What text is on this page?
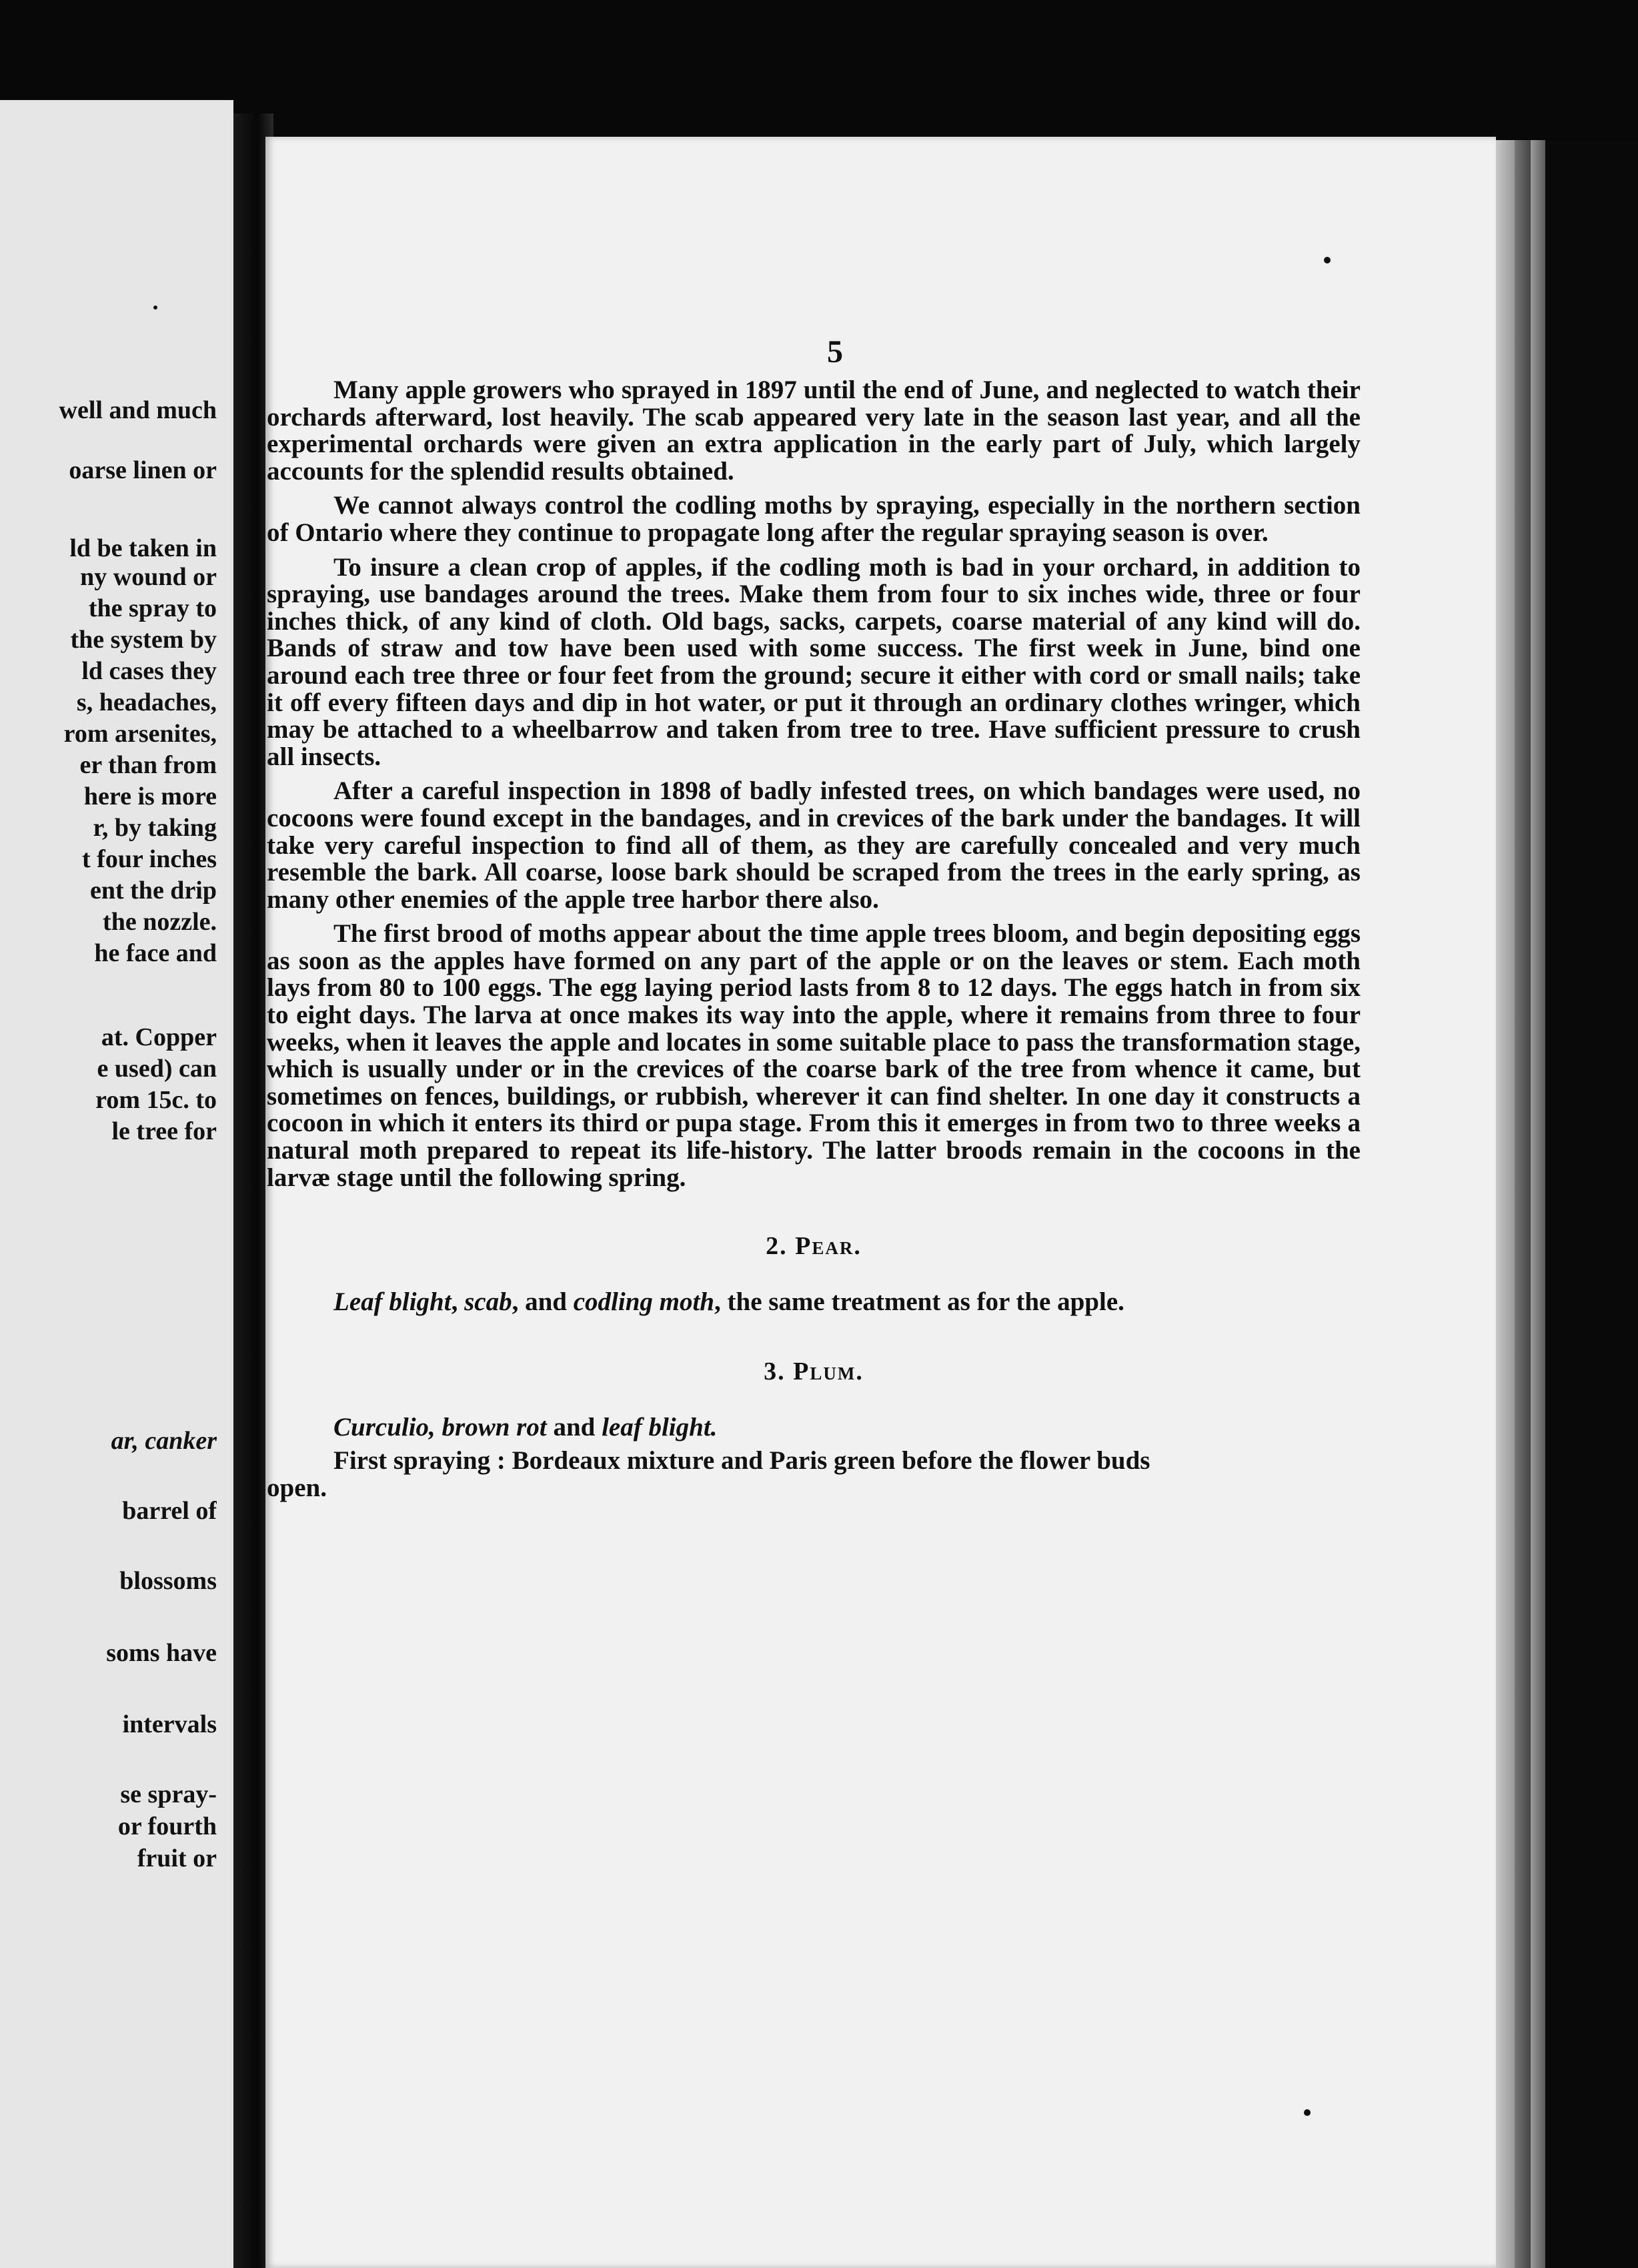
well and much
oarse linen or
ld be taken in
ny wound or
the spray to
the system by
ld cases they
s, headaches,
rom arsenites,
er than from
here is more
r, by taking
t four inches
ent the drip
the nozzle.
he face and
at. Copper
e used) can
rom 15c. to
le tree for
ar, canker
barrel of
blossoms
soms have
intervals
se spray-
or fourth
fruit or
5

Many apple growers who sprayed in 1897 until the end of June, and neglected to watch their orchards afterward, lost heavily. The scab appeared very late in the season last year, and all the experimental orchards were given an extra application in the early part of July, which largely accounts for the splendid results obtained.

We cannot always control the codling moths by spraying, especially in the northern section of Ontario where they continue to propagate long after the regular spraying season is over.

To insure a clean crop of apples, if the codling moth is bad in your orchard, in addition to spraying, use bandages around the trees. Make them from four to six inches wide, three or four inches thick, of any kind of cloth. Old bags, sacks, carpets, coarse material of any kind will do. Bands of straw and tow have been used with some success. The first week in June, bind one around each tree three or four feet from the ground; secure it either with cord or small nails; take it off every fifteen days and dip in hot water, or put it through an ordinary clothes wringer, which may be attached to a wheelbarrow and taken from tree to tree. Have sufficient pressure to crush all insects.

After a careful inspection in 1898 of badly infested trees, on which bandages were used, no cocoons were found except in the bandages, and in crevices of the bark under the bandages. It will take very careful inspection to find all of them, as they are carefully concealed and very much resemble the bark. All coarse, loose bark should be scraped from the trees in the early spring, as many other enemies of the apple tree harbor there also.

The first brood of moths appear about the time apple trees bloom, and begin depositing eggs as soon as the apples have formed on any part of the apple or on the leaves or stem. Each moth lays from 80 to 100 eggs. The egg laying period lasts from 8 to 12 days. The eggs hatch in from six to eight days. The larva at once makes its way into the apple, where it remains from three to four weeks, when it leaves the apple and locates in some suitable place to pass the transformation stage, which is usually under or in the crevices of the coarse bark of the tree from whence it came, but sometimes on fences, buildings, or rubbish, wherever it can find shelter. In one day it constructs a cocoon in which it enters its third or pupa stage. From this it emerges in from two to three weeks a natural moth prepared to repeat its life-history. The latter broods remain in the cocoons in the larvæ stage until the following spring.

2. Pear.
Leaf blight, scab, and codling moth, the same treatment as for the apple.
3. Plum.
Curculio, brown rot and leaf blight.
First spraying : Bordeaux mixture and Paris green before the flower buds
open.
